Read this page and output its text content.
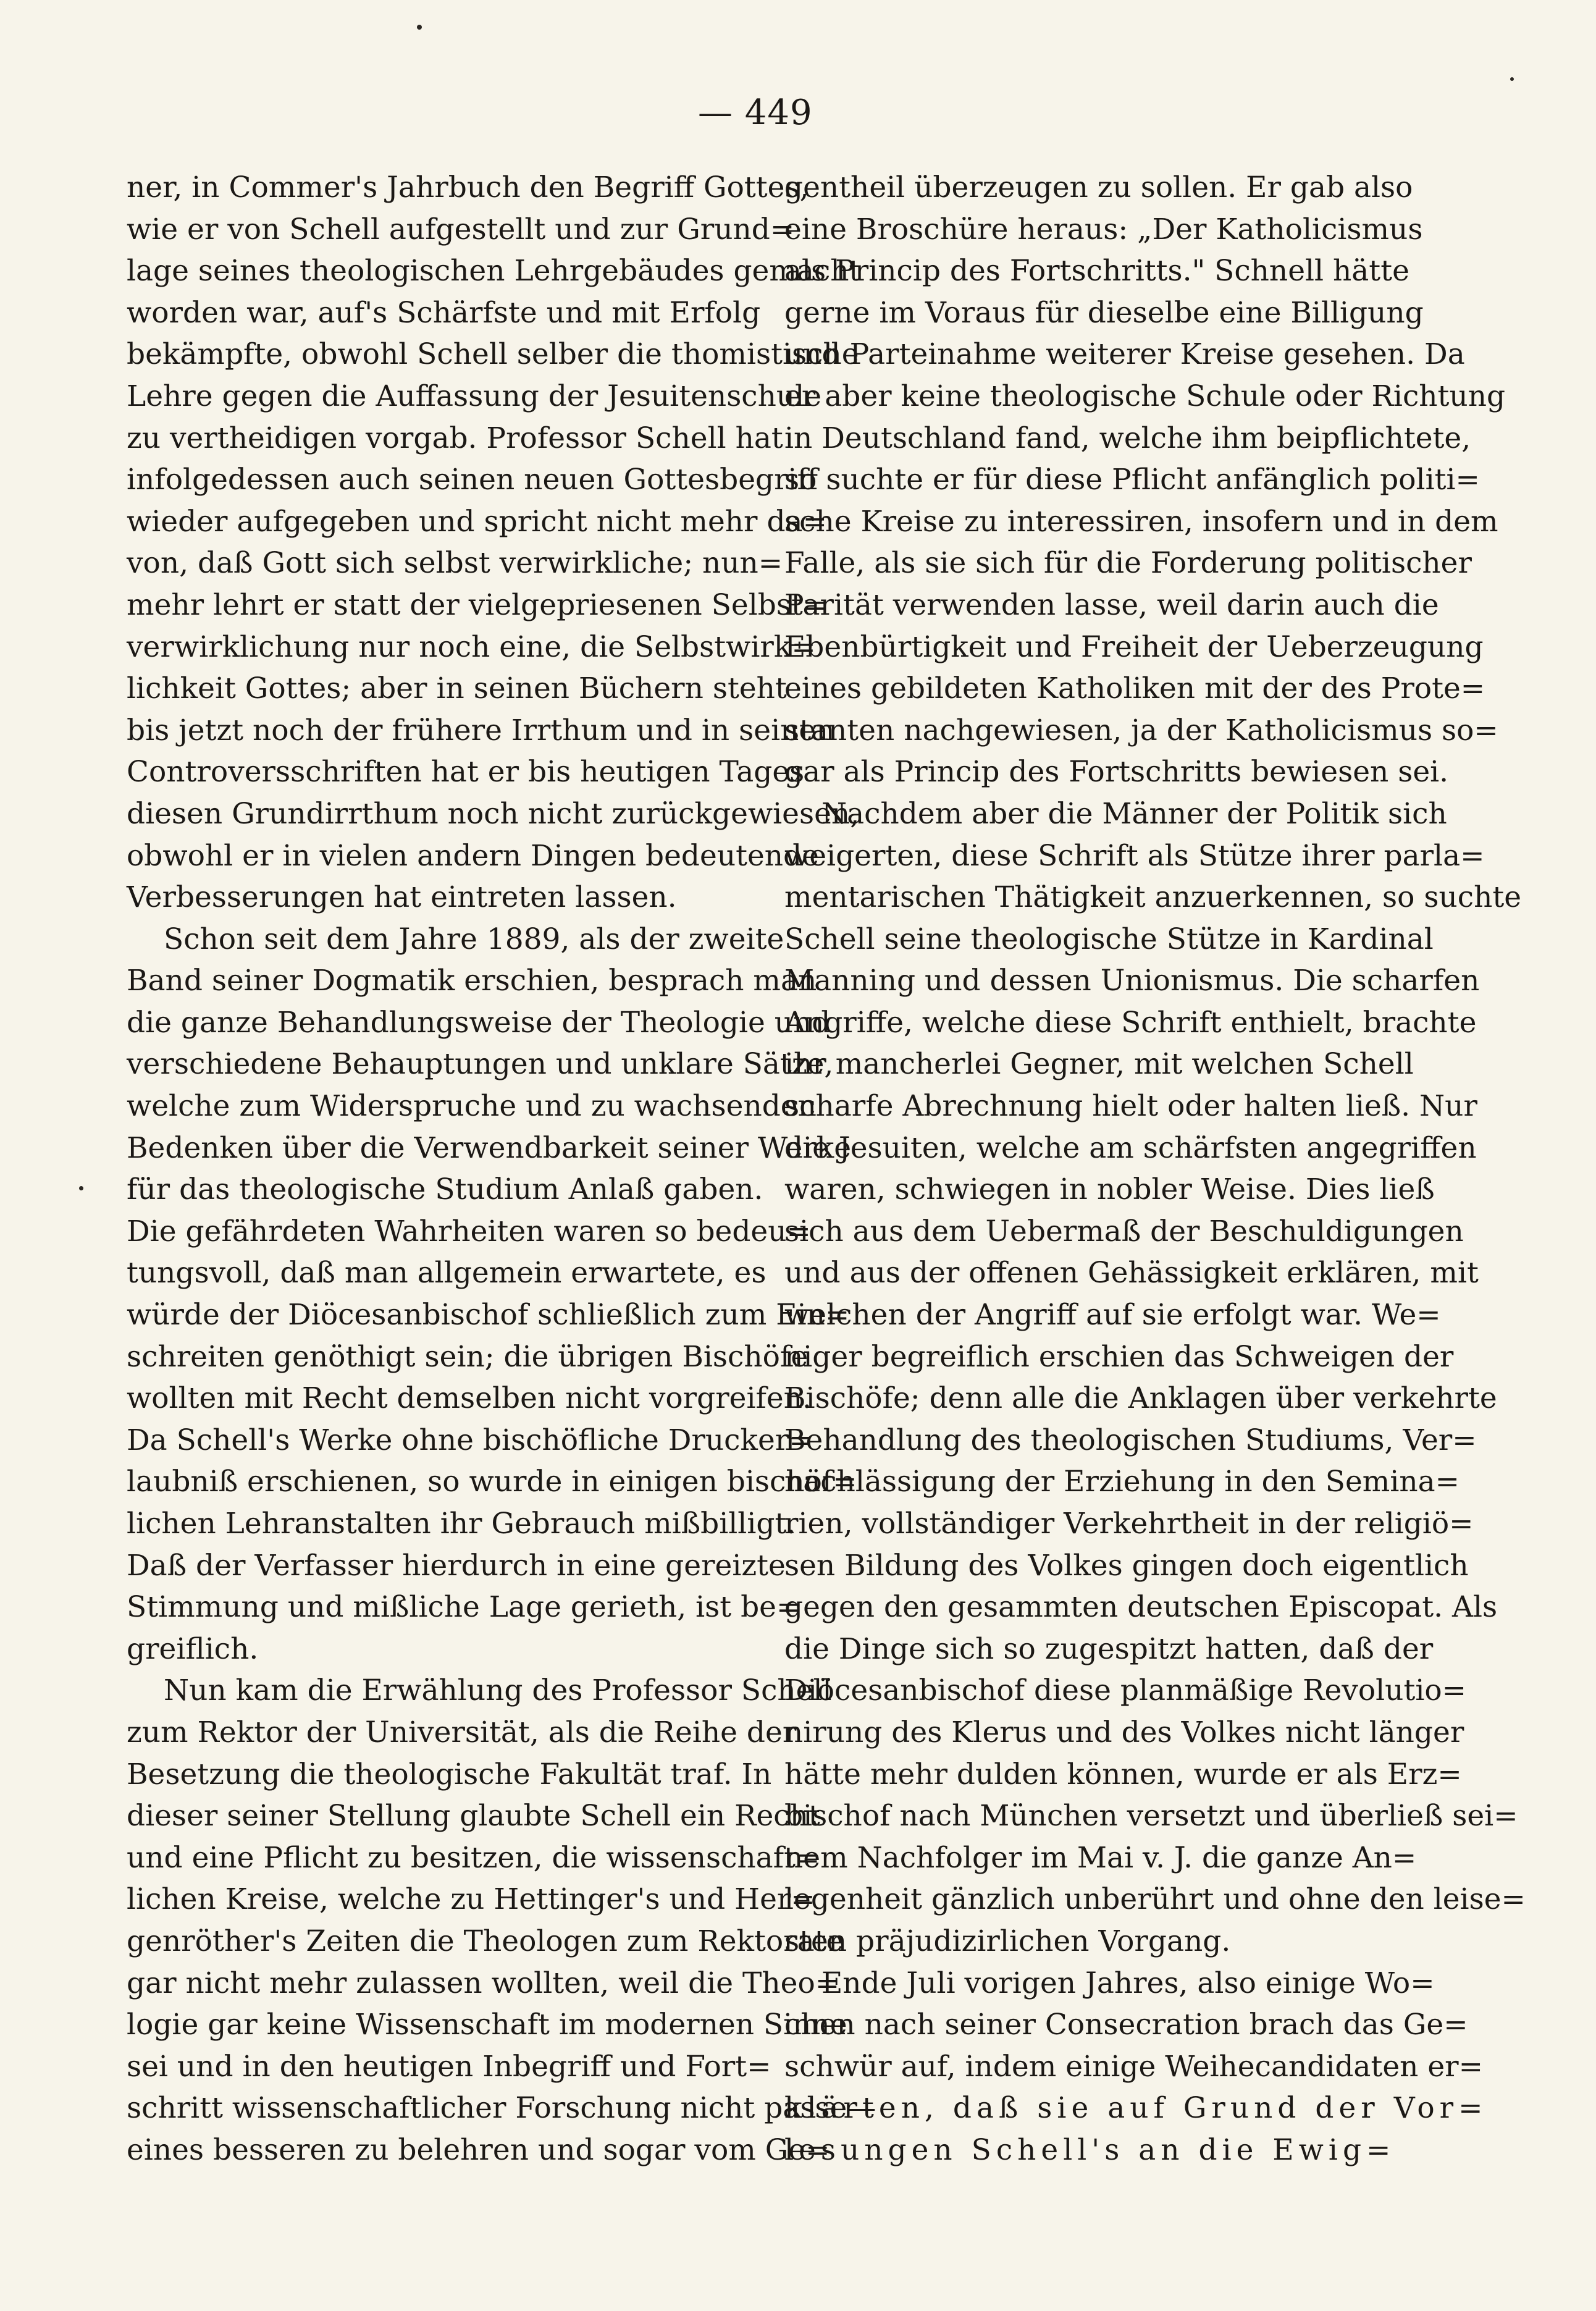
— 449
ner, in Commer's Jahrbuch den Begriff Gottes,
wie er von Schell aufgestellt und zur Grund=
lage seines theologischen Lehrgebäudes gemacht
worden war, auf's Schärfste und mit Erfolg
bekämpfte, obwohl Schell selber die thomistische
Lehre gegen die Auffassung der Jesuitenschule
zu vertheidigen vorgab. Professor Schell hat
infolgedessen auch seinen neuen Gottesbegriff
wieder aufgegeben und spricht nicht mehr da=
von, daß Gott sich selbst verwirkliche; nun=
mehr lehrt er statt der vielgepriesenen Selbst=
verwirklichung nur noch eine, die Selbstwirk=
lichkeit Gottes; aber in seinen Büchern steht
bis jetzt noch der frühere Irrthum und in seinen
Controversschriften hat er bis heutigen Tages
diesen Grundirrthum noch nicht zurückgewiesen,
obwohl er in vielen andern Dingen bedeutende
Verbesserungen hat eintreten lassen.
Schon seit dem Jahre 1889, als der zweite
Band seiner Dogmatik erschien, besprach man
die ganze Behandlungsweise der Theologie und
verschiedene Behauptungen und unklare Sätze,
welche zum Widerspruche und zu wachsenden
Bedenken über die Verwendbarkeit seiner Werke
für das theologische Studium Anlaß gaben.
Die gefährdeten Wahrheiten waren so bedeu=
tungsvoll, daß man allgemein erwartete, es
würde der Diöcesanbischof schließlich zum Ein=
schreiten genöthigt sein; die übrigen Bischöfe
wollten mit Recht demselben nicht vorgreifen.
Da Schell's Werke ohne bischöfliche Drucker=
laubniß erschienen, so wurde in einigen bischöf=
lichen Lehranstalten ihr Gebrauch mißbilligt.
Daß der Verfasser hierdurch in eine gereizte
Stimmung und mißliche Lage gerieth, ist be=
greiflich.
Nun kam die Erwählung des Professor Schell
zum Rektor der Universität, als die Reihe der
Besetzung die theologische Fakultät traf. In
dieser seiner Stellung glaubte Schell ein Recht
und eine Pflicht zu besitzen, die wissenschaft=
lichen Kreise, welche zu Hettinger's und Her=
genröther's Zeiten die Theologen zum Rektorate
gar nicht mehr zulassen wollten, weil die Theo=
logie gar keine Wissenschaft im modernen Sinne
sei und in den heutigen Inbegriff und Fort=
schritt wissenschaftlicher Forschung nicht passe—
eines besseren zu belehren und sogar vom Ge=
gentheil überzeugen zu sollen. Er gab also
eine Broschüre heraus: „Der Katholicismus
als Princip des Fortschritts." Schnell hätte
gerne im Voraus für dieselbe eine Billigung
und Parteinahme weiterer Kreise gesehen. Da
er aber keine theologische Schule oder Richtung
in Deutschland fand, welche ihm beipflichtete,
so suchte er für diese Pflicht anfänglich politi=
sche Kreise zu interessiren, insofern und in dem
Falle, als sie sich für die Forderung politischer
Parität verwenden lasse, weil darin auch die
Ebenbürtigkeit und Freiheit der Ueberzeugung
eines gebildeten Katholiken mit der des Prote=
stanten nachgewiesen, ja der Katholicismus so=
gar als Princip des Fortschritts bewiesen sei.
Nachdem aber die Männer der Politik sich
weigerten, diese Schrift als Stütze ihrer parla=
mentarischen Thätigkeit anzuerkennen, so suchte
Schell seine theologische Stütze in Kardinal
Manning und dessen Unionismus. Die scharfen
Angriffe, welche diese Schrift enthielt, brachte
ihr mancherlei Gegner, mit welchen Schell
scharfe Abrechnung hielt oder halten ließ. Nur
die Jesuiten, welche am schärfsten angegriffen
waren, schwiegen in nobler Weise. Dies ließ
sich aus dem Uebermaß der Beschuldigungen
und aus der offenen Gehässigkeit erklären, mit
welchen der Angriff auf sie erfolgt war. We=
niger begreiflich erschien das Schweigen der
Bischöfe; denn alle die Anklagen über verkehrte
Behandlung des theologischen Studiums, Ver=
nachlässigung der Erziehung in den Semina=
rien, vollständiger Verkehrtheit in der religiö=
sen Bildung des Volkes gingen doch eigentlich
gegen den gesammten deutschen Episcopat. Als
die Dinge sich so zugespitzt hatten, daß der
Diöcesanbischof diese planmäßige Revolutio=
nirung des Klerus und des Volkes nicht länger
hätte mehr dulden können, wurde er als Erz=
bischof nach München versetzt und überließ sei=
nem Nachfolger im Mai v. J. die ganze An=
legenheit gänzlich unberührt und ohne den leise=
sten präjudizirlichen Vorgang.
Ende Juli vorigen Jahres, also einige Wo=
chen nach seiner Consecration brach das Ge=
schwür auf, indem einige Weihecandidaten er=
klärten, daß sie auf Grund der Vor=
lesungen Schell's an die Ewig=
